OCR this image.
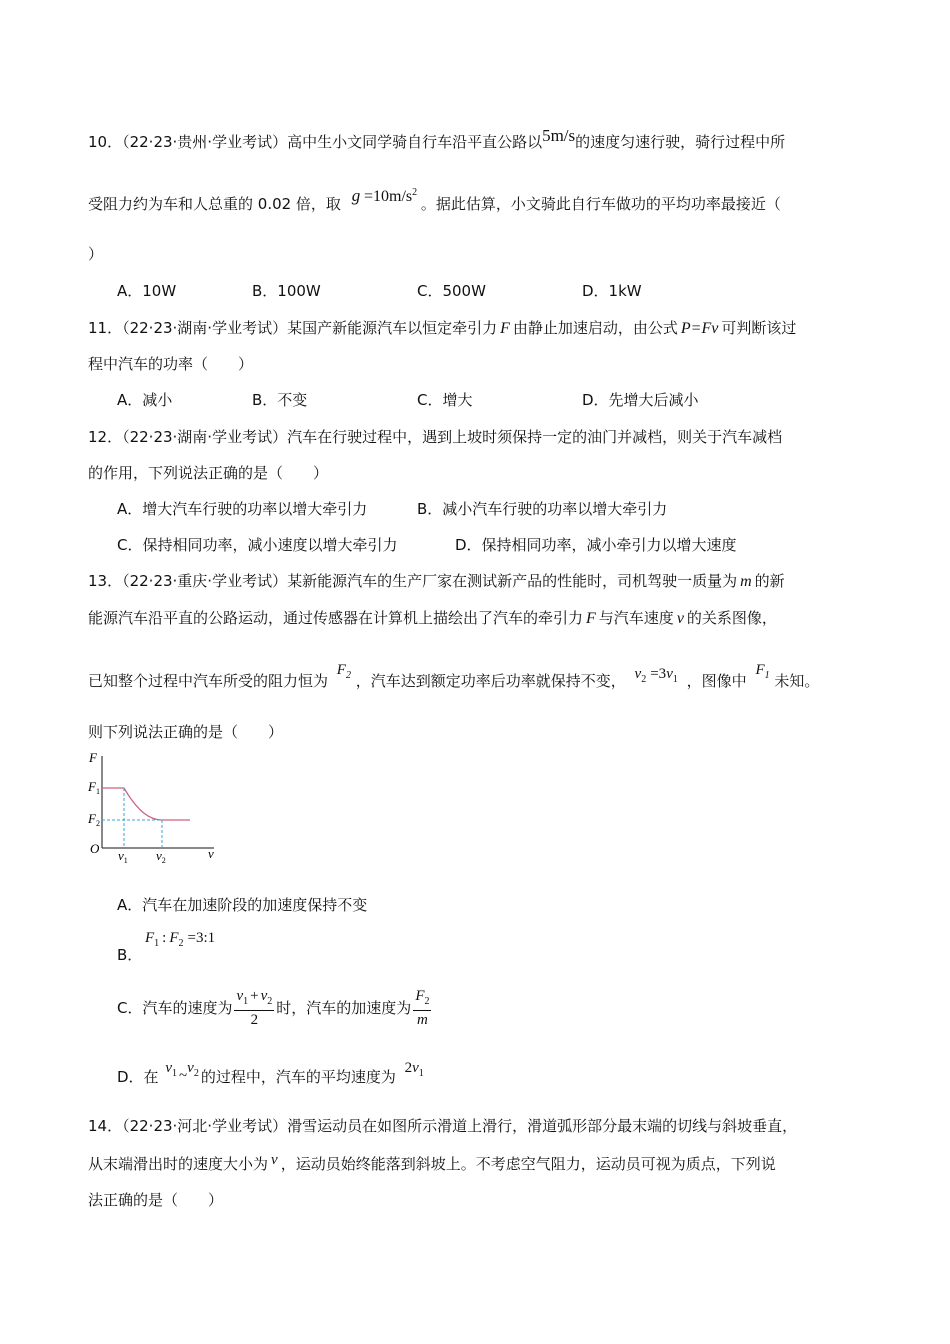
10．（22·23·贵州·学业考试）高中生小文同学骑自行车沿平直公路以5m/s的速度匀速行驶，骑行过程中所
受阻力约为车和人总重的 0.02 倍，取 $g =10m/s^2$ 。据此估算，小文骑此自行车做功的平均功率最接近（
）
A．10W	B．100W	C．500W	D．1kW
11．（22·23·湖南·学业考试）某国产新能源汽车以恒定牵引力 F 由静止加速启动，由公式 P=Fv 可判断该过
程中汽车的功率（　　）
A．减小	B．不变	C．增大	D．先增大后减小
12．（22·23·湖南·学业考试）汽车在行驶过程中，遇到上坡时须保持一定的油门并减档，则关于汽车减档
的作用，下列说法正确的是（　　）
A．增大汽车行驶的功率以增大牵引力	B．减小汽车行驶的功率以增大牵引力
C．保持相同功率，减小速度以增大牵引力	D．保持相同功率，减小牵引力以增大速度
13．（22·23·重庆·学业考试）某新能源汽车的生产厂家在测试新产品的性能时，司机驾驶一质量为 m 的新
能源汽车沿平直的公路运动，通过传感器在计算机上描绘出了汽车的牵引力 F 与汽车速度 v 的关系图像，
已知整个过程中汽车所受的阻力恒为 $F_2$ ，汽车达到额定功率后功率就保持不变， $v_2 =3v_1$ ，图像中 $F_1$ 未知。
则下列说法正确的是（　　）
F
$F_1$
$F_2$
O $v_1$ $v_2$	v
A．汽车在加速阶段的加速度保持不变
$F_1$ : $F_2$ =3:1
B．
C．汽车的速度为 $\frac{v_1 + v_2}{2}$ 时，汽车的加速度为 $\frac{F_2}{m}$
D．在 $v_1$ $\sim v_2$ 的过程中，汽车的平均速度为 $2v_1$
14．（22·23·河北·学业考试）滑雪运动员在如图所示滑道上滑行，滑道弧形部分最末端的切线与斜坡垂直，
从末端滑出时的速度大小为 v ，运动员始终能落到斜坡上。不考虑空气阻力，运动员可视为质点，下列说
法正确的是（　　）
